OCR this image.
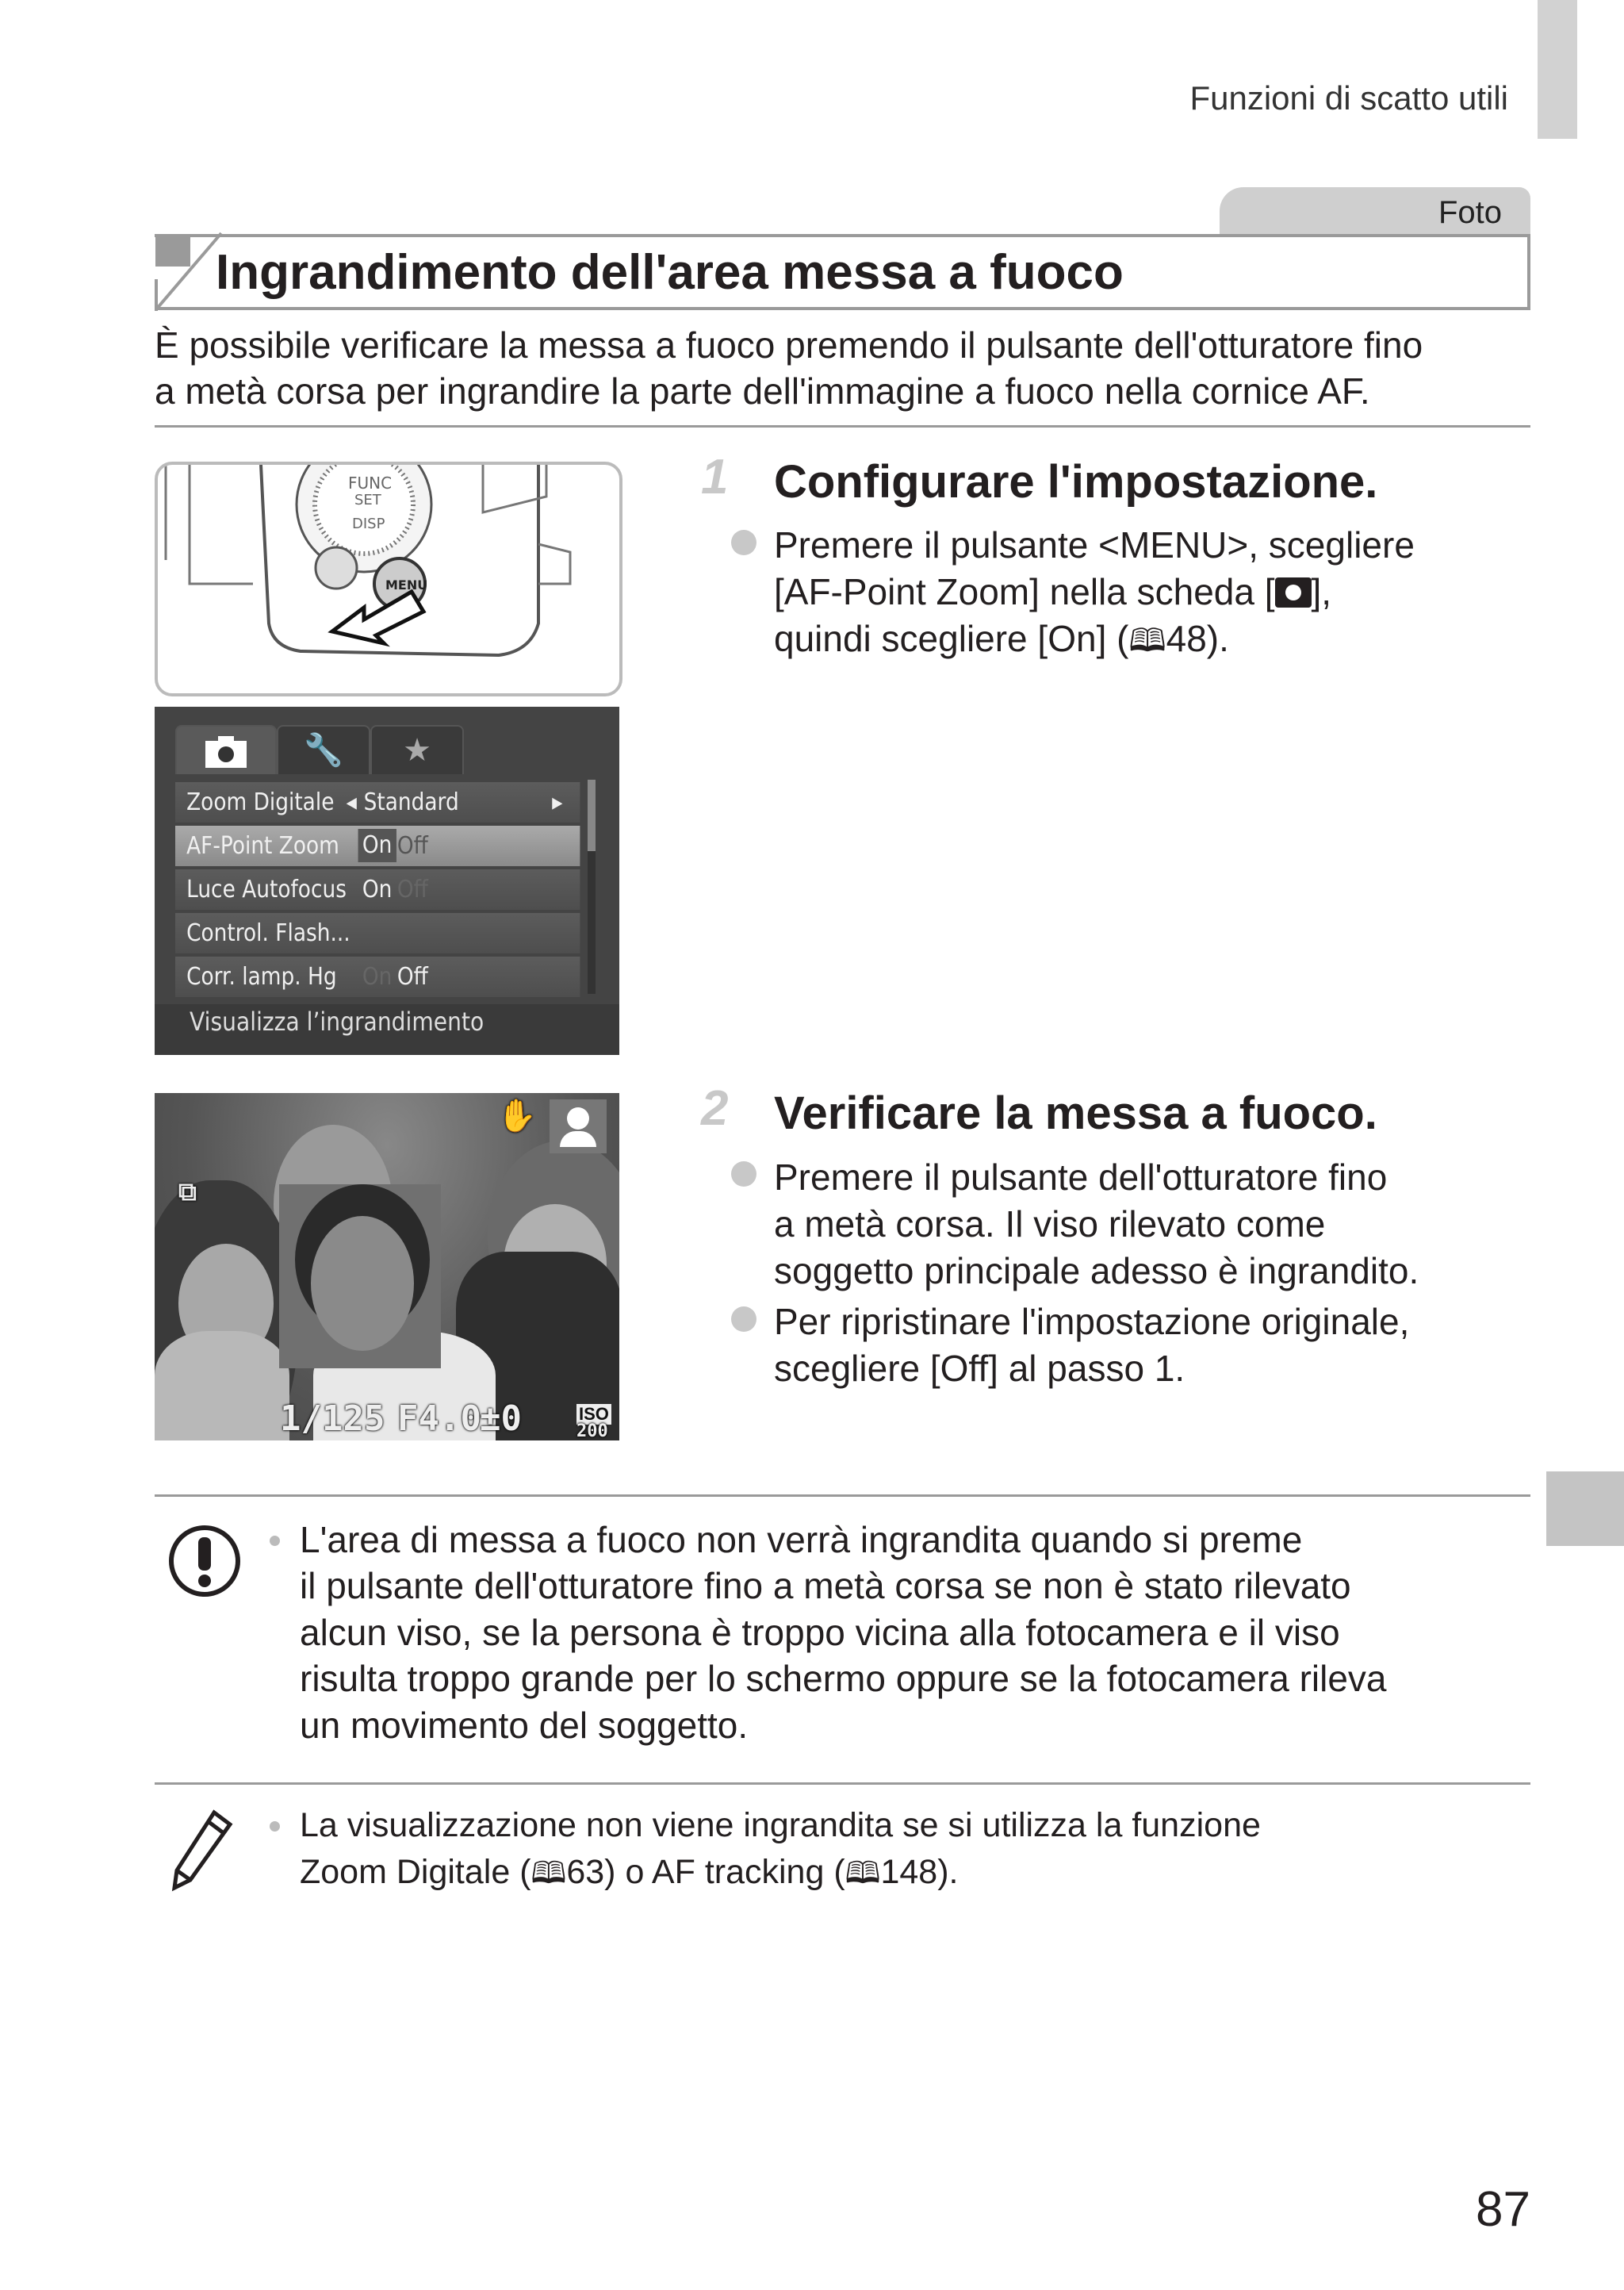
Funzioni di scatto utili
Foto
Ingrandimento dell'area messa a fuoco
È possibile verificare la messa a fuoco premendo il pulsante dell'otturatore fino
a metà corsa per ingrandire la parte dell'immagine a fuoco nella cornice AF.
FUNC
SET
DISP
MENU
🔧	★
Zoom Digitale ◂ Standard	▸
AF-Point Zoom On Off
Luce Autofocus On Off
Control. Flash...
Corr. lamp. Hg On Off
Visualizza l’ingrandimento
1 Configurare l'impostazione.
Premere il pulsante <MENU>, scegliere
[AF-Point Zoom] nella scheda [ ],
quindi scegliere [On] (🕮48).
⧉
✋
1/125 F4.0
±0	ISO
200
2 Verificare la messa a fuoco.
Premere il pulsante dell'otturatore fino
a metà corsa. Il viso rilevato come
soggetto principale adesso è ingrandito.
Per ripristinare l'impostazione originale,
scegliere [Off] al passo 1.
L'area di messa a fuoco non verrà ingrandita quando si preme
il pulsante dell'otturatore fino a metà corsa se non è stato rilevato
alcun viso, se la persona è troppo vicina alla fotocamera e il viso
risulta troppo grande per lo schermo oppure se la fotocamera rileva
un movimento del soggetto.
La visualizzazione non viene ingrandita se si utilizza la funzione
Zoom Digitale (🕮63) o AF tracking (🕮148).
87
